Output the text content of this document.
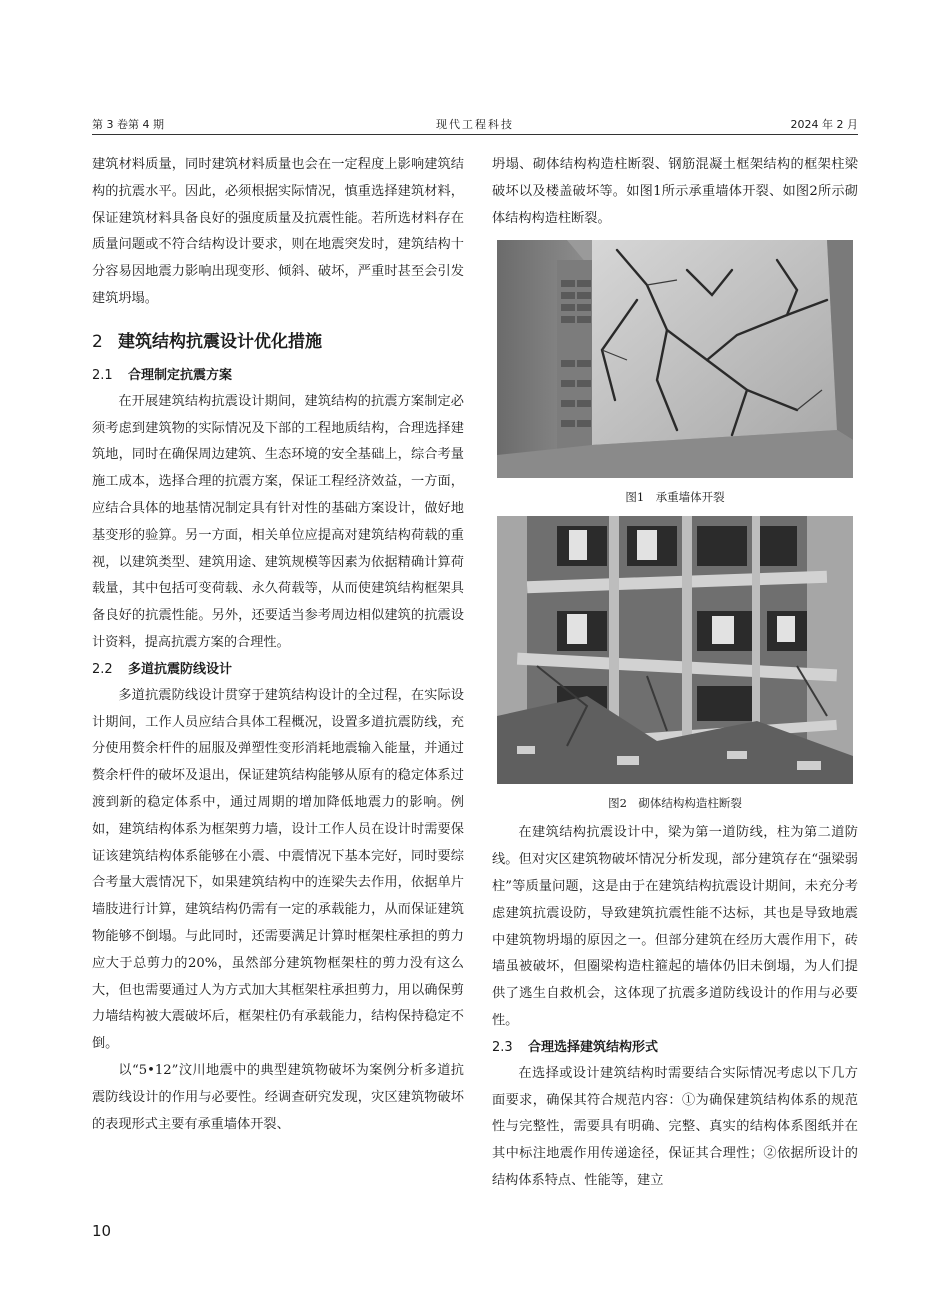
第 3 卷第 4 期	现代工程科技	2024 年 2 月

建筑材料质量，同时建筑材料质量也会在一定程度上影响建筑结构的抗震水平。因此，必须根据实际情况，慎重选择建筑材料，保证建筑材料具备良好的强度质量及抗震性能。若所选材料存在质量问题或不符合结构设计要求，则在地震突发时，建筑结构十分容易因地震力影响出现变形、倾斜、破坏，严重时甚至会引发建筑坍塌。

2 建筑结构抗震设计优化措施
2.1 合理制定抗震方案

在开展建筑结构抗震设计期间，建筑结构的抗震方案制定必须考虑到建筑物的实际情况及下部的工程地质结构，合理选择建筑地，同时在确保周边建筑、生态环境的安全基础上，综合考量施工成本，选择合理的抗震方案，保证工程经济效益，一方面，应结合具体的地基情况制定具有针对性的基础方案设计，做好地基变形的验算。另一方面，相关单位应提高对建筑结构荷载的重视，以建筑类型、建筑用途、建筑规模等因素为依据精确计算荷载量，其中包括可变荷载、永久荷载等，从而使建筑结构框架具备良好的抗震性能。另外，还要适当参考周边相似建筑的抗震设计资料，提高抗震方案的合理性。

2.2 多道抗震防线设计

多道抗震防线设计贯穿于建筑结构设计的全过程，在实际设计期间，工作人员应结合具体工程概况，设置多道抗震防线，充分使用赘余杆件的屈服及弹塑性变形消耗地震输入能量，并通过赘余杆件的破坏及退出，保证建筑结构能够从原有的稳定体系过渡到新的稳定体系中，通过周期的增加降低地震力的影响。例如，建筑结构体系为框架剪力墙，设计工作人员在设计时需要保证该建筑结构体系能够在小震、中震情况下基本完好，同时要综合考量大震情况下，如果建筑结构中的连梁失去作用，依据单片墙肢进行计算，建筑结构仍需有一定的承载能力，从而保证建筑物能够不倒塌。与此同时，还需要满足计算时框架柱承担的剪力应大于总剪力的20%，虽然部分建筑物框架柱的剪力没有这么大，但也需要通过人为方式加大其框架柱承担剪力，用以确保剪力墙结构被大震破坏后，框架柱仍有承载能力，结构保持稳定不倒。

以“5•12”汶川地震中的典型建筑物破坏为案例分析多道抗震防线设计的作用与必要性。经调查研究发现，灾区建筑物破坏的表现形式主要有承重墙体开裂、

坍塌、砌体结构构造柱断裂、钢筋混凝土框架结构的框架柱梁破坏以及楼盖破坏等。如图1所示承重墙体开裂、如图2所示砌体结构构造柱断裂。

图1　承重墙体开裂
图2　砌体结构构造柱断裂

在建筑结构抗震设计中，梁为第一道防线，柱为第二道防线。但对灾区建筑物破坏情况分析发现，部分建筑存在“强梁弱柱”等质量问题，这是由于在建筑结构抗震设计期间，未充分考虑建筑抗震设防，导致建筑抗震性能不达标，其也是导致地震中建筑物坍塌的原因之一。但部分建筑在经历大震作用下，砖墙虽被破坏，但圈梁构造柱箍起的墙体仍旧未倒塌，为人们提供了逃生自救机会，这体现了抗震多道防线设计的作用与必要性。

2.3 合理选择建筑结构形式

在选择或设计建筑结构时需要结合实际情况考虑以下几方面要求，确保其符合规范内容：①为确保建筑结构体系的规范性与完整性，需要具有明确、完整、真实的结构体系图纸并在其中标注地震作用传递途径，保证其合理性；②依据所设计的结构体系特点、性能等，建立

10
